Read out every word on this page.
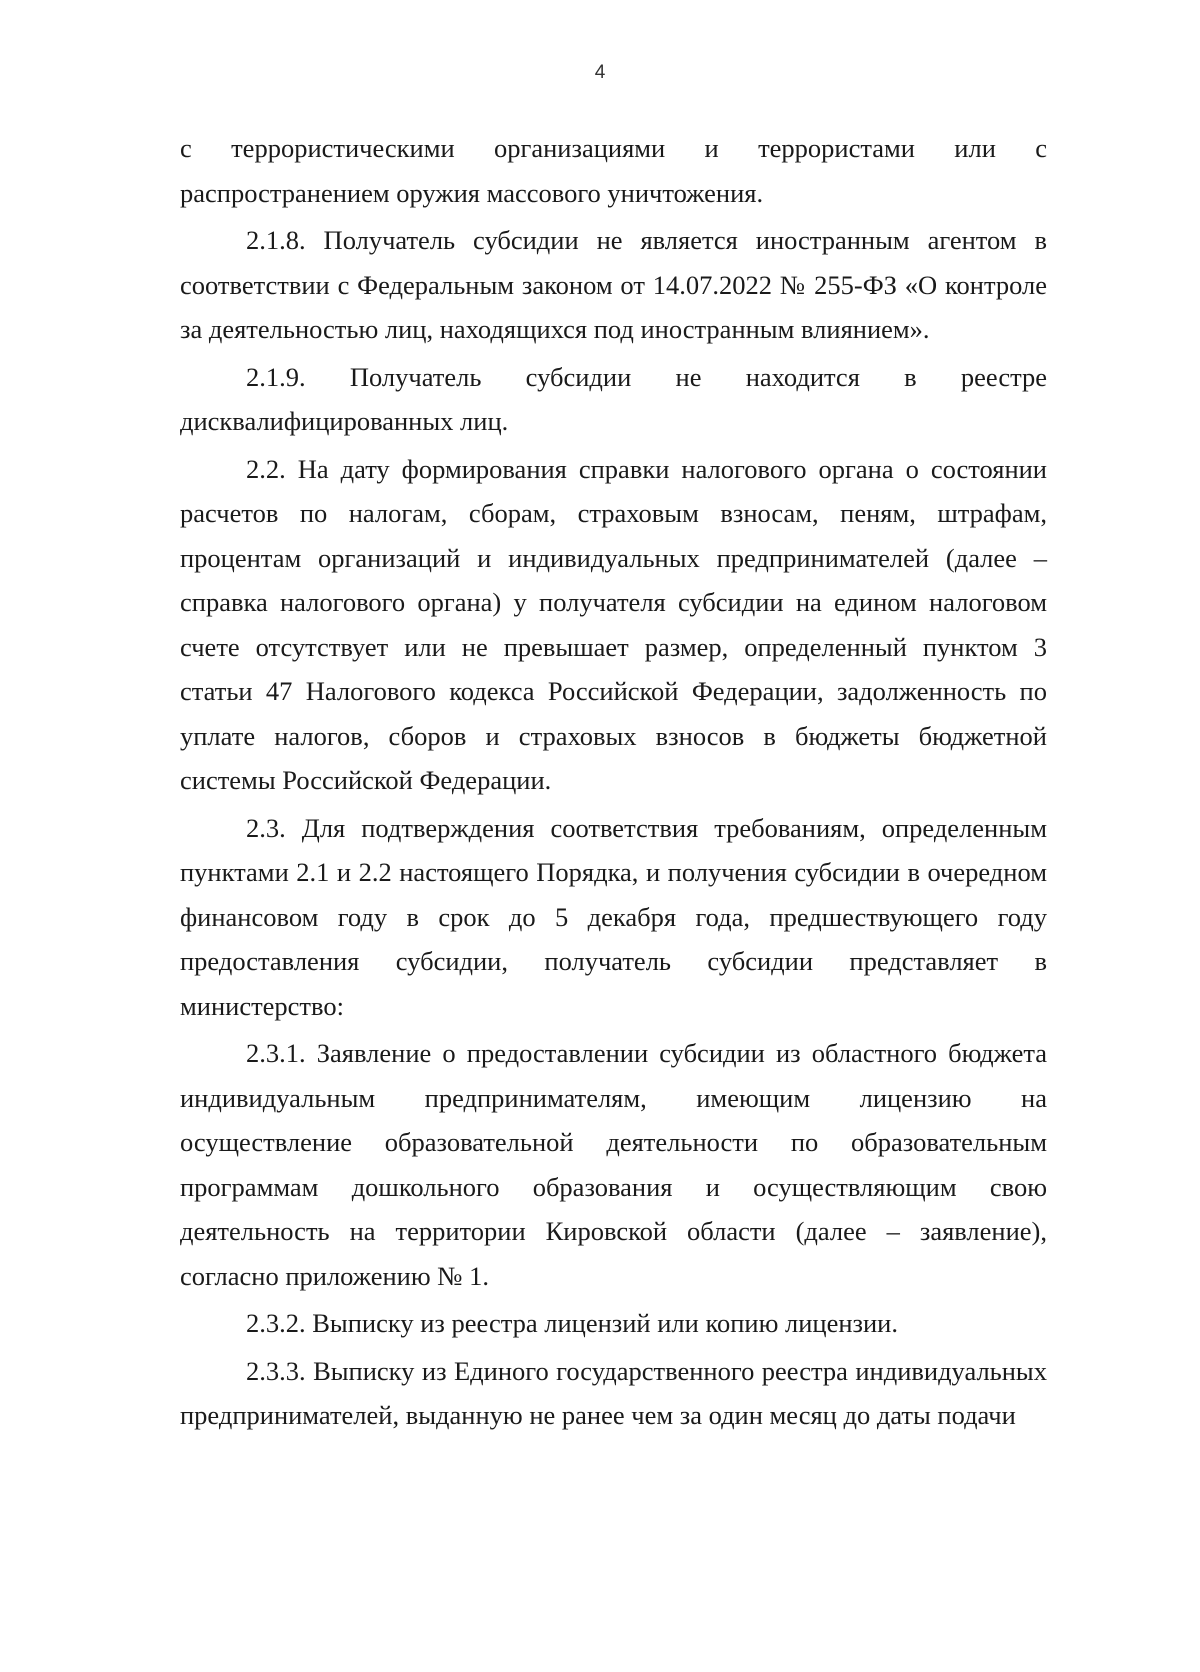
4

с террористическими организациями и террористами или с распространением оружия массового уничтожения.

2.1.8. Получатель субсидии не является иностранным агентом в соответствии с Федеральным законом от 14.07.2022 № 255-ФЗ «О контроле за деятельностью лиц, находящихся под иностранным влиянием».

2.1.9. Получатель субсидии не находится в реестре дисквалифицированных лиц.

2.2. На дату формирования справки налогового органа о состоянии расчетов по налогам, сборам, страховым взносам, пеням, штрафам, процентам организаций и индивидуальных предпринимателей (далее – справка налогового органа) у получателя субсидии на едином налоговом счете отсутствует или не превышает размер, определенный пунктом 3 статьи 47 Налогового кодекса Российской Федерации, задолженность по уплате налогов, сборов и страховых взносов в бюджеты бюджетной системы Российской Федерации.

2.3. Для подтверждения соответствия требованиям, определенным пунктами 2.1 и 2.2 настоящего Порядка, и получения субсидии в очередном финансовом году в срок до 5 декабря года, предшествующего году предоставления субсидии, получатель субсидии представляет в министерство:

2.3.1. Заявление о предоставлении субсидии из областного бюджета индивидуальным предпринимателям, имеющим лицензию на осуществление образовательной деятельности по образовательным программам дошкольного образования и осуществляющим свою деятельность на территории Кировской области (далее – заявление), согласно приложению № 1.

2.3.2. Выписку из реестра лицензий или копию лицензии.

2.3.3. Выписку из Единого государственного реестра индивидуальных предпринимателей, выданную не ранее чем за один месяц до даты подачи
